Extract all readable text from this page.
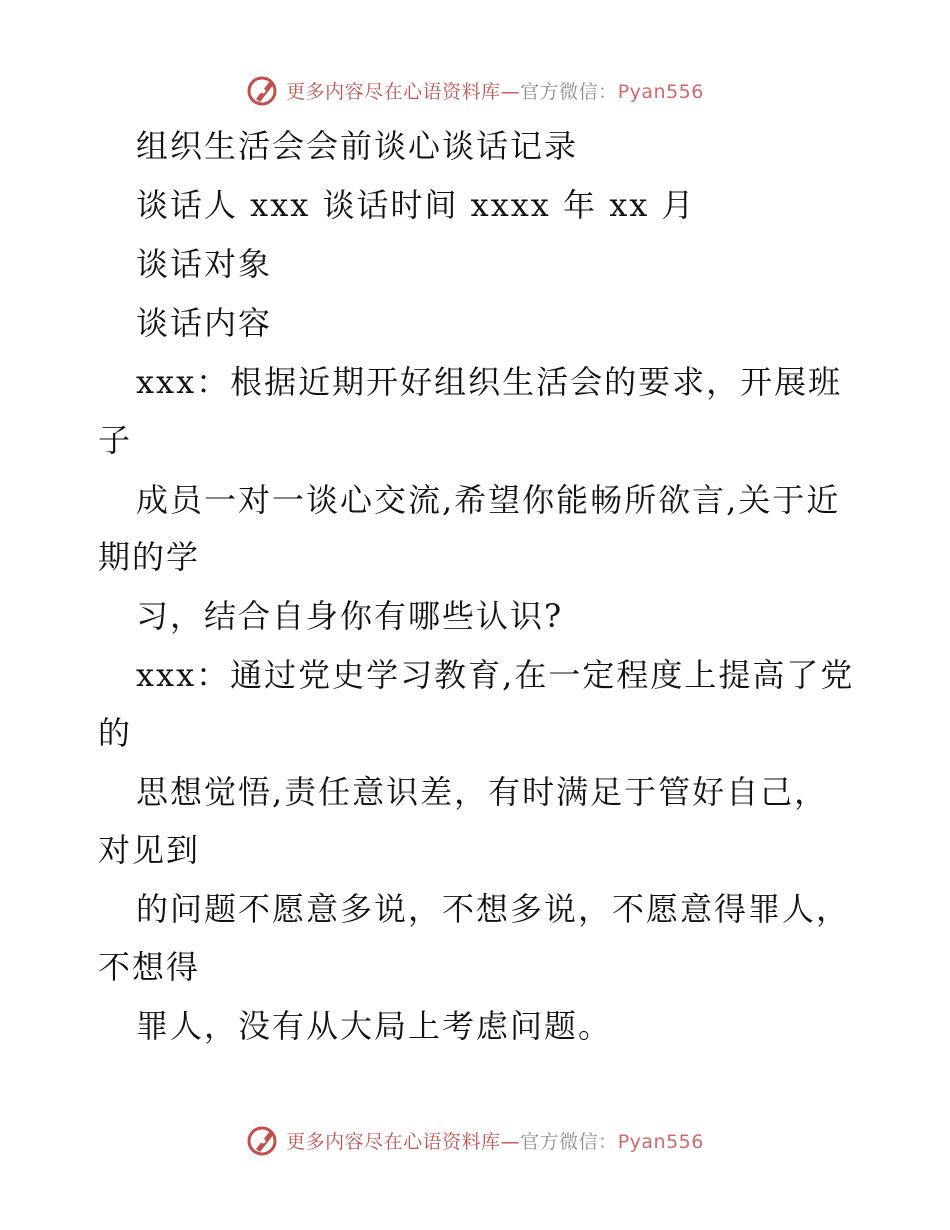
更多内容尽在心语资料库—官方微信：Pyan556
组织生活会会前谈心谈话记录
谈话人 xxx 谈话时间 xxxx 年 xx 月
谈话对象
谈话内容
xxx：根据近期开好组织生活会的要求，开展班
子
成员一对一谈心交流,希望你能畅所欲言,关于近
期的学
习，结合自身你有哪些认识?
xxx：通过党史学习教育,在一定程度上提高了党
的
思想觉悟,责任意识差，有时满足于管好自己，
对见到
的问题不愿意多说，不想多说，不愿意得罪人，
不想得
罪人，没有从大局上考虑问题。
更多内容尽在心语资料库—官方微信：Pyan556
